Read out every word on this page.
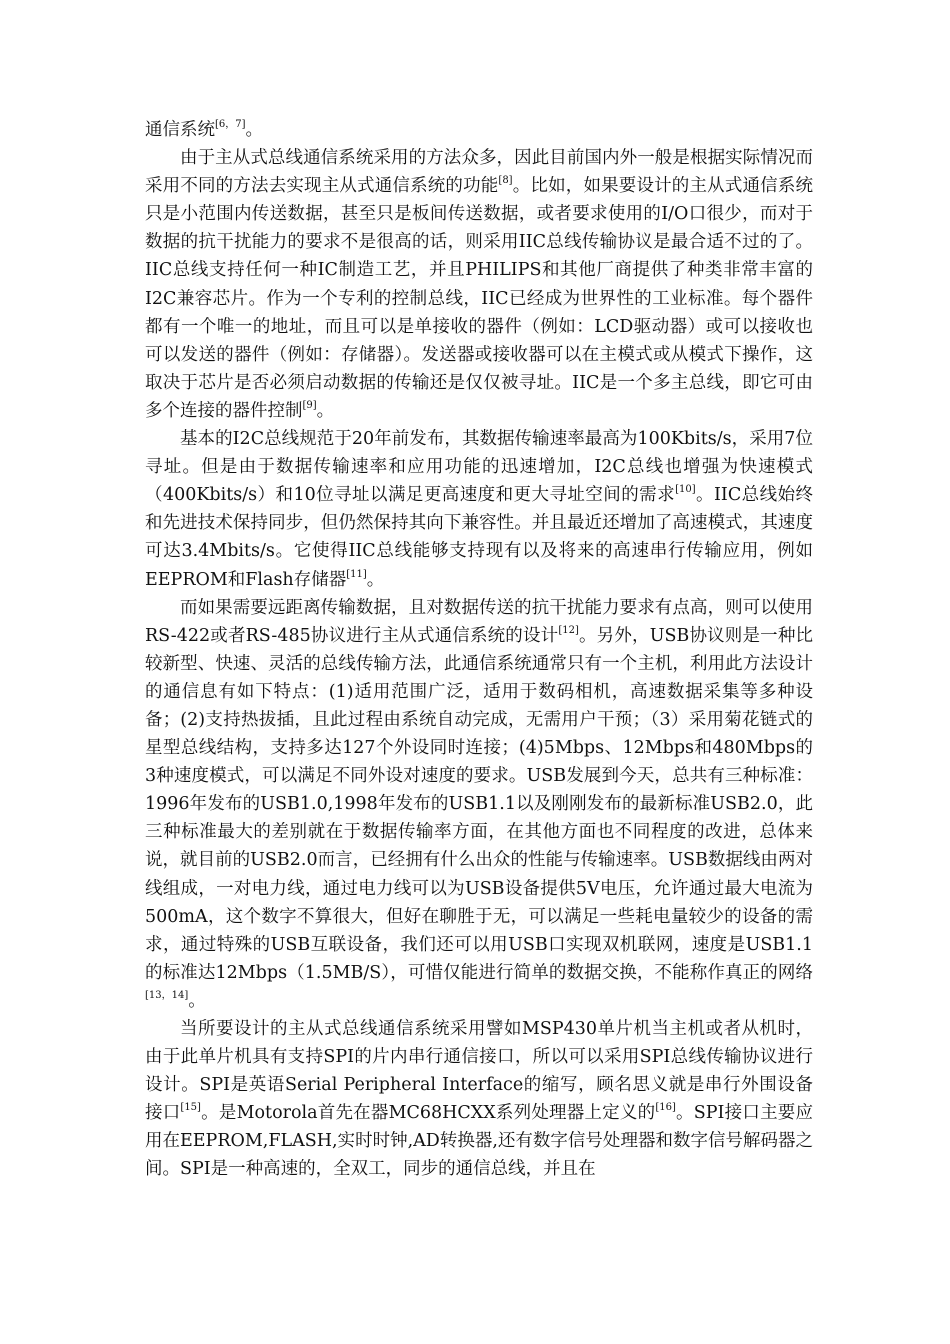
通信系统[6，7]。

由于主从式总线通信系统采用的方法众多，因此目前国内外一般是根据实际情况而采用不同的方法去实现主从式通信系统的功能[8]。比如，如果要设计的主从式通信系统只是小范围内传送数据，甚至只是板间传送数据，或者要求使用的I/O口很少，而对于数据的抗干扰能力的要求不是很高的话，则采用IIC总线传输协议是最合适不过的了。IIC总线支持任何一种IC制造工艺，并且PHILIPS和其他厂商提供了种类非常丰富的I2C兼容芯片。作为一个专利的控制总线，IIC已经成为世界性的工业标准。每个器件都有一个唯一的地址，而且可以是单接收的器件（例如：LCD驱动器）或可以接收也可以发送的器件（例如：存储器）。发送器或接收器可以在主模式或从模式下操作，这取决于芯片是否必须启动数据的传输还是仅仅被寻址。IIC是一个多主总线，即它可由多个连接的器件控制[9]。

基本的I2C总线规范于20年前发布，其数据传输速率最高为100Kbits/s，采用7位寻址。但是由于数据传输速率和应用功能的迅速增加，I2C总线也增强为快速模式（400Kbits/s）和10位寻址以满足更高速度和更大寻址空间的需求[10]。IIC总线始终和先进技术保持同步，但仍然保持其向下兼容性。并且最近还增加了高速模式，其速度可达3.4Mbits/s。它使得IIC总线能够支持现有以及将来的高速串行传输应用，例如EEPROM和Flash存储器[11]。

而如果需要远距离传输数据，且对数据传送的抗干扰能力要求有点高，则可以使用RS-422或者RS-485协议进行主从式通信系统的设计[12]。另外，USB协议则是一种比较新型、快速、灵活的总线传输方法，此通信系统通常只有一个主机，利用此方法设计的通信息有如下特点：(1)适用范围广泛，适用于数码相机，高速数据采集等多种设备；(2)支持热拔插，且此过程由系统自动完成，无需用户干预；（3）采用菊花链式的星型总线结构，支持多达127个外设同时连接；(4)5Mbps、12Mbps和480Mbps的3种速度模式，可以满足不同外设对速度的要求。USB发展到今天，总共有三种标准：1996年发布的USB1.0,1998年发布的USB1.1以及刚刚发布的最新标准USB2.0，此三种标准最大的差别就在于数据传输率方面，在其他方面也不同程度的改进，总体来说，就目前的USB2.0而言，已经拥有什么出众的性能与传输速率。USB数据线由两对线组成，一对电力线，通过电力线可以为USB设备提供5V电压，允许通过最大电流为500mA，这个数字不算很大，但好在聊胜于无，可以满足一些耗电量较少的设备的需求，通过特殊的USB互联设备，我们还可以用USB口实现双机联网，速度是USB1.1的标准达12Mbps（1.5MB/S），可惜仅能进行简单的数据交换，不能称作真正的网络[13，14]。

当所要设计的主从式总线通信系统采用譬如MSP430单片机当主机或者从机时，由于此单片机具有支持SPI的片内串行通信接口，所以可以采用SPI总线传输协议进行设计。SPI是英语Serial Peripheral Interface的缩写，顾名思义就是串行外围设备接口[15]。是Motorola首先在器MC68HCXX系列处理器上定义的[16]。SPI接口主要应用在EEPROM,FLASH,实时时钟,AD转换器,还有数字信号处理器和数字信号解码器之间。SPI是一种高速的，全双工，同步的通信总线，并且在
